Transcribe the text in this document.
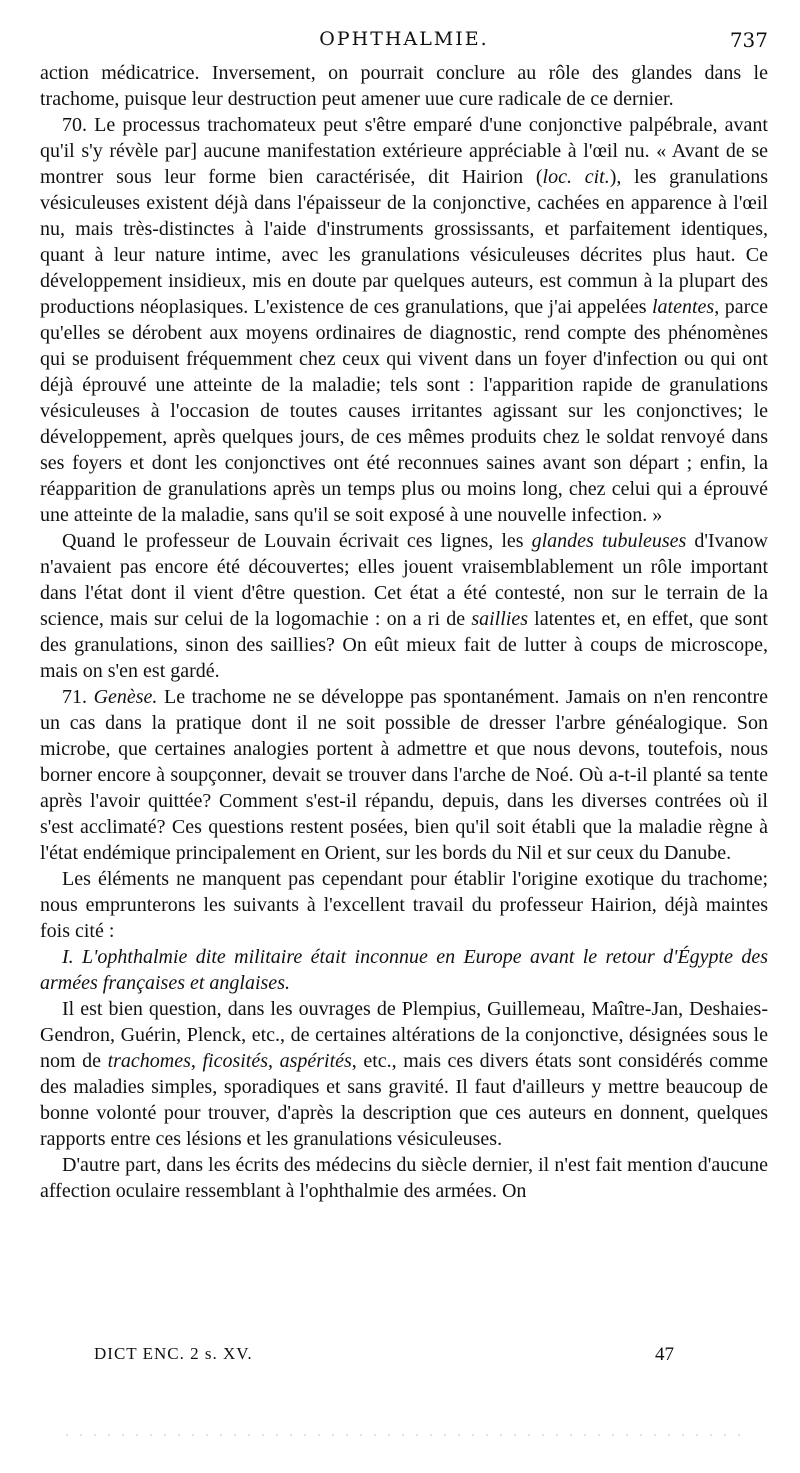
OPHTHALMIE.	737

action médicatrice. Inversement, on pourrait conclure au rôle des glandes dans le trachome, puisque leur destruction peut amener uue cure radicale de ce dernier.

70. Le processus trachomateux peut s'être emparé d'une conjonctive palpébrale, avant qu'il s'y révèle par] aucune manifestation extérieure appréciable à l'œil nu. « Avant de se montrer sous leur forme bien caractérisée, dit Hairion (loc. cit.), les granulations vésiculeuses existent déjà dans l'épaisseur de la conjonctive, cachées en apparence à l'œil nu, mais très-distinctes à l'aide d'instruments grossissants, et parfaitement identiques, quant à leur nature intime, avec les granulations vésiculeuses décrites plus haut. Ce développement insidieux, mis en doute par quelques auteurs, est commun à la plupart des productions néoplasiques. L'existence de ces granulations, que j'ai appelées latentes, parce qu'elles se dérobent aux moyens ordinaires de diagnostic, rend compte des phénomènes qui se produisent fréquemment chez ceux qui vivent dans un foyer d'infection ou qui ont déjà éprouvé une atteinte de la maladie; tels sont : l'apparition rapide de granulations vésiculeuses à l'occasion de toutes causes irritantes agissant sur les conjonctives; le développement, après quelques jours, de ces mêmes produits chez le soldat renvoyé dans ses foyers et dont les conjonctives ont été reconnues saines avant son départ ; enfin, la réapparition de granulations après un temps plus ou moins long, chez celui qui a éprouvé une atteinte de la maladie, sans qu'il se soit exposé à une nouvelle infection. »

Quand le professeur de Louvain écrivait ces lignes, les glandes tubuleuses d'Ivanow n'avaient pas encore été découvertes; elles jouent vraisemblablement un rôle important dans l'état dont il vient d'être question. Cet état a été contesté, non sur le terrain de la science, mais sur celui de la logomachie : on a ri de saillies latentes et, en effet, que sont des granulations, sinon des saillies? On eût mieux fait de lutter à coups de microscope, mais on s'en est gardé.

71. Genèse. Le trachome ne se développe pas spontanément. Jamais on n'en rencontre un cas dans la pratique dont il ne soit possible de dresser l'arbre généalogique. Son microbe, que certaines analogies portent à admettre et que nous devons, toutefois, nous borner encore à soupçonner, devait se trouver dans l'arche de Noé. Où a-t-il planté sa tente après l'avoir quittée? Comment s'est-il répandu, depuis, dans les diverses contrées où il s'est acclimaté? Ces questions restent posées, bien qu'il soit établi que la maladie règne à l'état endémique principalement en Orient, sur les bords du Nil et sur ceux du Danube.

Les éléments ne manquent pas cependant pour établir l'origine exotique du trachome; nous emprunterons les suivants à l'excellent travail du professeur Hairion, déjà maintes fois cité :

I. L'ophthalmie dite militaire était inconnue en Europe avant le retour d'Égypte des armées françaises et anglaises.

Il est bien question, dans les ouvrages de Plempius, Guillemeau, Maître-Jan, Deshaies-Gendron, Guérin, Plenck, etc., de certaines altérations de la conjonctive, désignées sous le nom de trachomes, ficosités, aspérités, etc., mais ces divers états sont considérés comme des maladies simples, sporadiques et sans gravité. Il faut d'ailleurs y mettre beaucoup de bonne volonté pour trouver, d'après la description que ces auteurs en donnent, quelques rapports entre ces lésions et les granulations vésiculeuses.

D'autre part, dans les écrits des médecins du siècle dernier, il n'est fait mention d'aucune affection oculaire ressemblant à l'ophthalmie des armées. On

DICT ENC. 2 s. XV.	47
